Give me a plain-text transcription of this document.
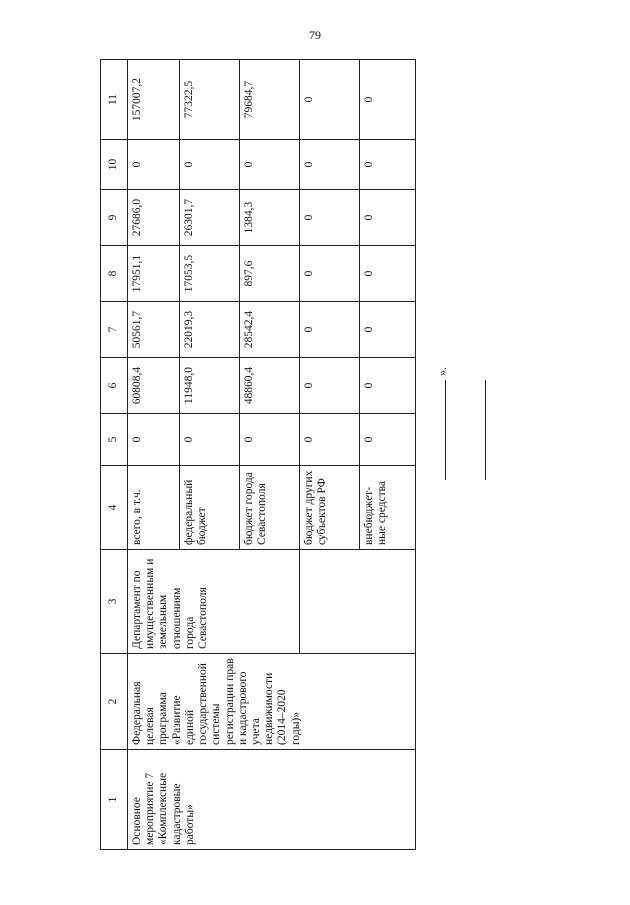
79
1	2	3	4	5	6	7	8	9	10	11
Основное мероприятие 7 «Комплексные кадастровые работы»	Федеральная целевая программа «Развитие единой государственной системы регистрации прав и кадастрового учета недвижимости (2014–2020 годы)»	Департамент по имущественным и земельным отношениям города Севастополя	всего, в т.ч.	0	60808,4	50561,7	17951,1	27686,0	0	157007,2
			федеральный бюджет	0	11948,0	22019,3	17053,5	26301,7	0	77322,5
			бюджет города Севастополя	0	48860,4	28542,4	897,6	1384,3	0	79684,7
			бюджет других субъектов РФ	0	0	0	0	0	0	0
			внебюджет-ные средства	0	0	0	0	0	0	0
».
